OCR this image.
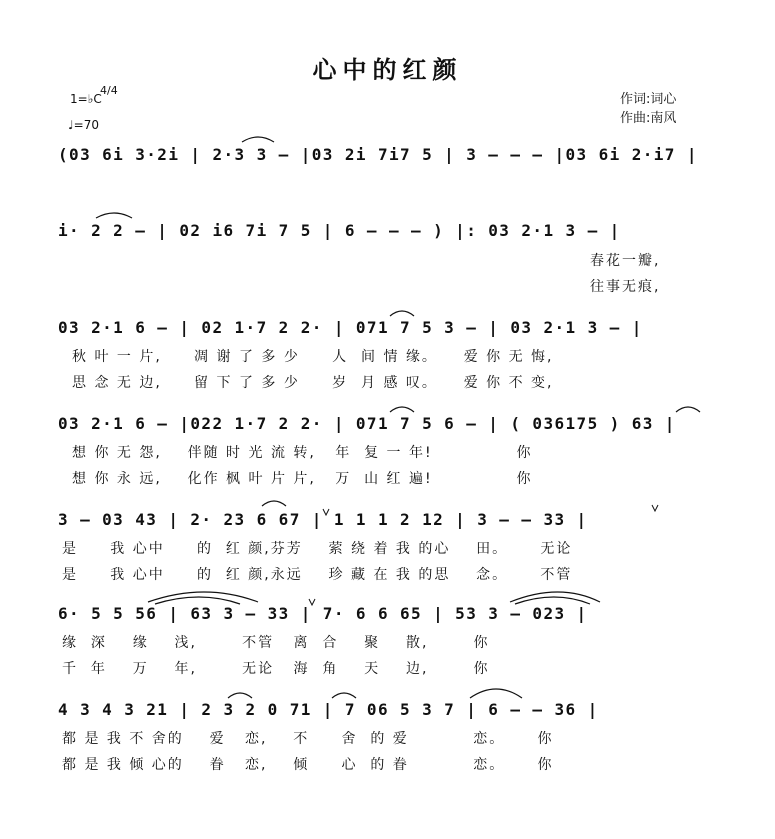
心中的红颜
1=♭C
4/4
♩=70
作词:词心
作曲:南风
(03 6i 3·2i | 2·3 3 – |03 2i 7i7 5 | 3 – – – |03 6i 2·i7 |
i· 2 2 – | 02 i6 7i 7 5 | 6 – – – ) |: 03 2·1 3 – |
春花一瓣,
往事无痕,
03 2·1 6 – | 02 1·7 2 2· | 071 7 5 3 – | 03 2·1 3 – |
秋 叶 一 片,     凋 谢 了 多 少     人  间 情 缘。    爱 你 无 悔,
思 念 无 边,     留 下 了 多 少     岁  月 感 叹。    爱 你 不 变,
03 2·1 6 – |022 1·7 2 2· | 071 7 5 6 – | ( 036175 ) 63 |
想 你 无 怨,    伴随 时 光 流 转,   年  复 一 年!             你
想 你 永 远,    化作 枫 叶 片 片,   万  山 红 遍!             你
3 – 03 43 | 2· 23 6 67 | 1 1 1 2 12 | 3 – – 33 |
是     我 心中     的  红 颜,芬芳    萦 绕 着 我 的心    田。     无论
是     我 心中     的  红 颜,永远    珍 藏 在 我 的思    念。     不管
6· 5 5 56 | 63 3 – 33 | 7· 6 6 65 | 53 3 – 023 |
缘  深    缘    浅,       不管   离  合    聚    散,       你
千  年    万    年,       无论   海  角    天    边,       你
4 3 4 3 21 | 2 3 2 0 71 | 7 06 5 3 7 | 6 – – 36 |
都 是 我 不 舍的    爱   恋,    不     舍  的 爱          恋。     你
都 是 我 倾 心的    眷   恋,    倾     心  的 眷          恋。     你
